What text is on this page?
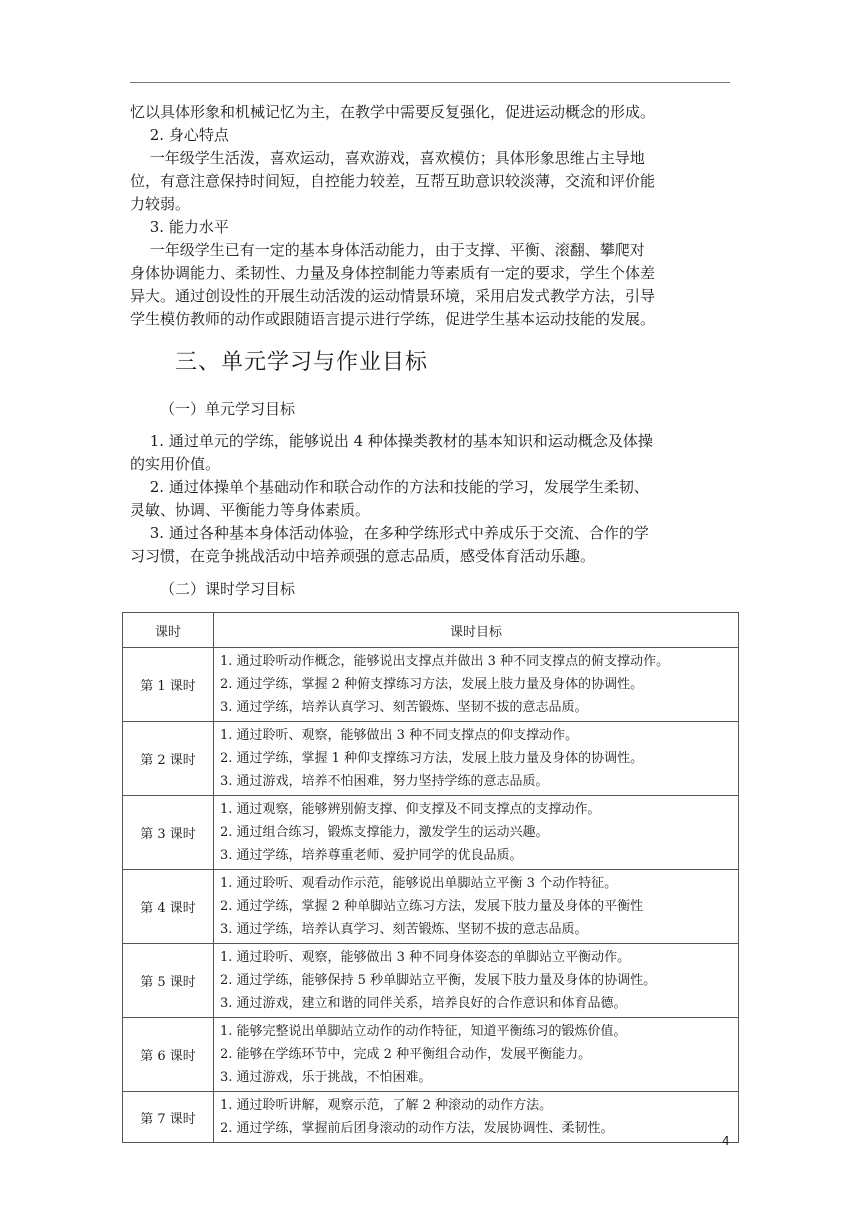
忆以具体形象和机械记忆为主，在教学中需要反复强化，促进运动概念的形成。
　 2. 身心特点
　 一年级学生活泼，喜欢运动，喜欢游戏，喜欢模仿；具体形象思维占主导地
位，有意注意保持时间短，自控能力较差，互帮互助意识较淡薄，交流和评价能
力较弱。
　 3. 能力水平
　 一年级学生已有一定的基本身体活动能力，由于支撑、平衡、滚翻、攀爬对
身体协调能力、柔韧性、力量及身体控制能力等素质有一定的要求，学生个体差
异大。通过创设性的开展生动活泼的运动情景环境，采用启发式教学方法，引导
学生模仿教师的动作或跟随语言提示进行学练，促进学生基本运动技能的发展。
三、单元学习与作业目标
（一）单元学习目标
　 1. 通过单元的学练，能够说出 4 种体操类教材的基本知识和运动概念及体操
的实用价值。
　 2. 通过体操单个基础动作和联合动作的方法和技能的学习，发展学生柔韧、
灵敏、协调、平衡能力等身体素质。
　 3. 通过各种基本身体活动体验，在多种学练形式中养成乐于交流、合作的学
习习惯，在竞争挑战活动中培养顽强的意志品质，感受体育活动乐趣。
（二）课时学习目标
课时	课时目标
第 1 课时	1. 通过聆听动作概念，能够说出支撑点并做出 3 种不同支撑点的俯支撑动作。
2. 通过学练，掌握 2 种俯支撑练习方法，发展上肢力量及身体的协调性。
3. 通过学练，培养认真学习、刻苦锻炼、坚韧不拔的意志品质。

第 2 课时	1. 通过聆听、观察，能够做出 3 种不同支撑点的仰支撑动作。
2. 通过学练，掌握 1 种仰支撑练习方法，发展上肢力量及身体的协调性。
3. 通过游戏，培养不怕困难，努力坚持学练的意志品质。

第 3 课时	1. 通过观察，能够辨别俯支撑、仰支撑及不同支撑点的支撑动作。
2. 通过组合练习，锻炼支撑能力，激发学生的运动兴趣。
3. 通过学练，培养尊重老师、爱护同学的优良品质。

第 4 课时	1. 通过聆听、观看动作示范，能够说出单脚站立平衡 3 个动作特征。
2. 通过学练，掌握 2 种单脚站立练习方法，发展下肢力量及身体的平衡性
3. 通过学练，培养认真学习、刻苦锻炼、坚韧不拔的意志品质。

第 5 课时	1. 通过聆听、观察，能够做出 3 种不同身体姿态的单脚站立平衡动作。
2. 通过学练，能够保持 5 秒单脚站立平衡，发展下肢力量及身体的协调性。
3. 通过游戏，建立和谐的同伴关系，培养良好的合作意识和体育品德。

第 6 课时	1. 能够完整说出单脚站立动作的动作特征，知道平衡练习的锻炼价值。
2. 能够在学练环节中，完成 2 种平衡组合动作，发展平衡能力。
3. 通过游戏，乐于挑战，不怕困难。

第 7 课时	1. 通过聆听讲解，观察示范，了解 2 种滚动的动作方法。
2. 通过学练，掌握前后团身滚动的动作方法，发展协调性、柔韧性。
4
